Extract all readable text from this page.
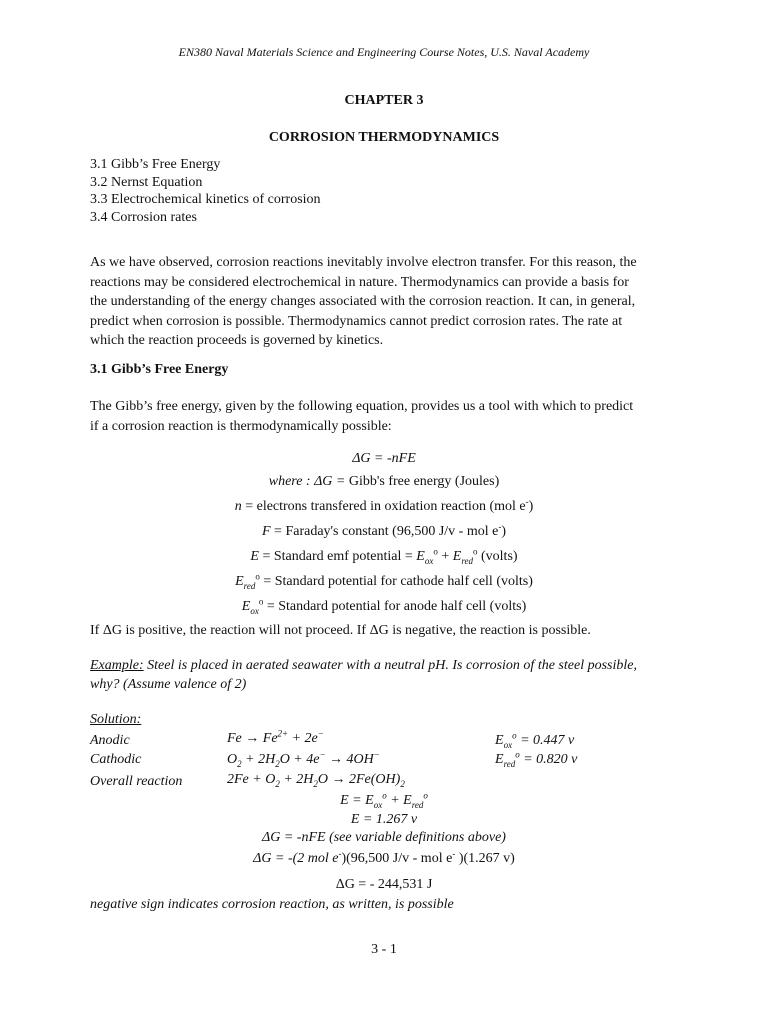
EN380 Naval Materials Science and Engineering Course Notes, U.S. Naval Academy
CHAPTER 3
CORROSION THERMODYNAMICS
3.1 Gibb’s Free Energy
3.2 Nernst Equation
3.3 Electrochemical kinetics of corrosion
3.4 Corrosion rates
As we have observed, corrosion reactions inevitably involve electron transfer. For this reason, the
reactions may be considered electrochemical in nature. Thermodynamics can provide a basis for
the understanding of the energy changes associated with the corrosion reaction. It can, in general,
predict when corrosion is possible. Thermodynamics cannot predict corrosion rates. The rate at
which the reaction proceeds is governed by kinetics.
3.1 Gibb’s Free Energy
The Gibb’s free energy, given by the following equation, provides us a tool with which to predict
if a corrosion reaction is thermodynamically possible:
ΔG = -nFE
where : ΔG = Gibb's free energy (Joules)
n = electrons transfered in oxidation reaction (mol e-)
F = Faraday's constant (96,500 J/v - mol e-)
E = Standard emf potential = $E_{ox}^o + E_{red}^o$ (volts)
$E_{red}^o$ = Standard potential for cathode half cell (volts)
$E_{ox}^o$ = Standard potential for anode half cell (volts)
If ΔG is positive, the reaction will not proceed. If ΔG is negative, the reaction is possible.
Example: Steel is placed in aerated seawater with a neutral pH. Is corrosion of the steel possible,
why? (Assume valence of 2)
Solution:
Anodic	$Fe \to Fe^{2+} + 2e^-$	$E_{ox}^o = 0.447$ v
Cathodic	$O_2 + 2H_2O + 4e^- \to 4OH^-$	$E_{red}^o = 0.820$ v
Overall reaction	$2Fe + O_2 + 2H_2O \to 2Fe(OH)_2$
$E = E_{ox}^o + E_{red}^o$
E = 1.267 v
ΔG = -nFE (see variable definitions above)
ΔG = -(2 mol e-)(96,500 J/v - mol e- )(1.267 v)
ΔG = - 244,531 J
negative sign indicates corrosion reaction, as written, is possible
3 - 1
